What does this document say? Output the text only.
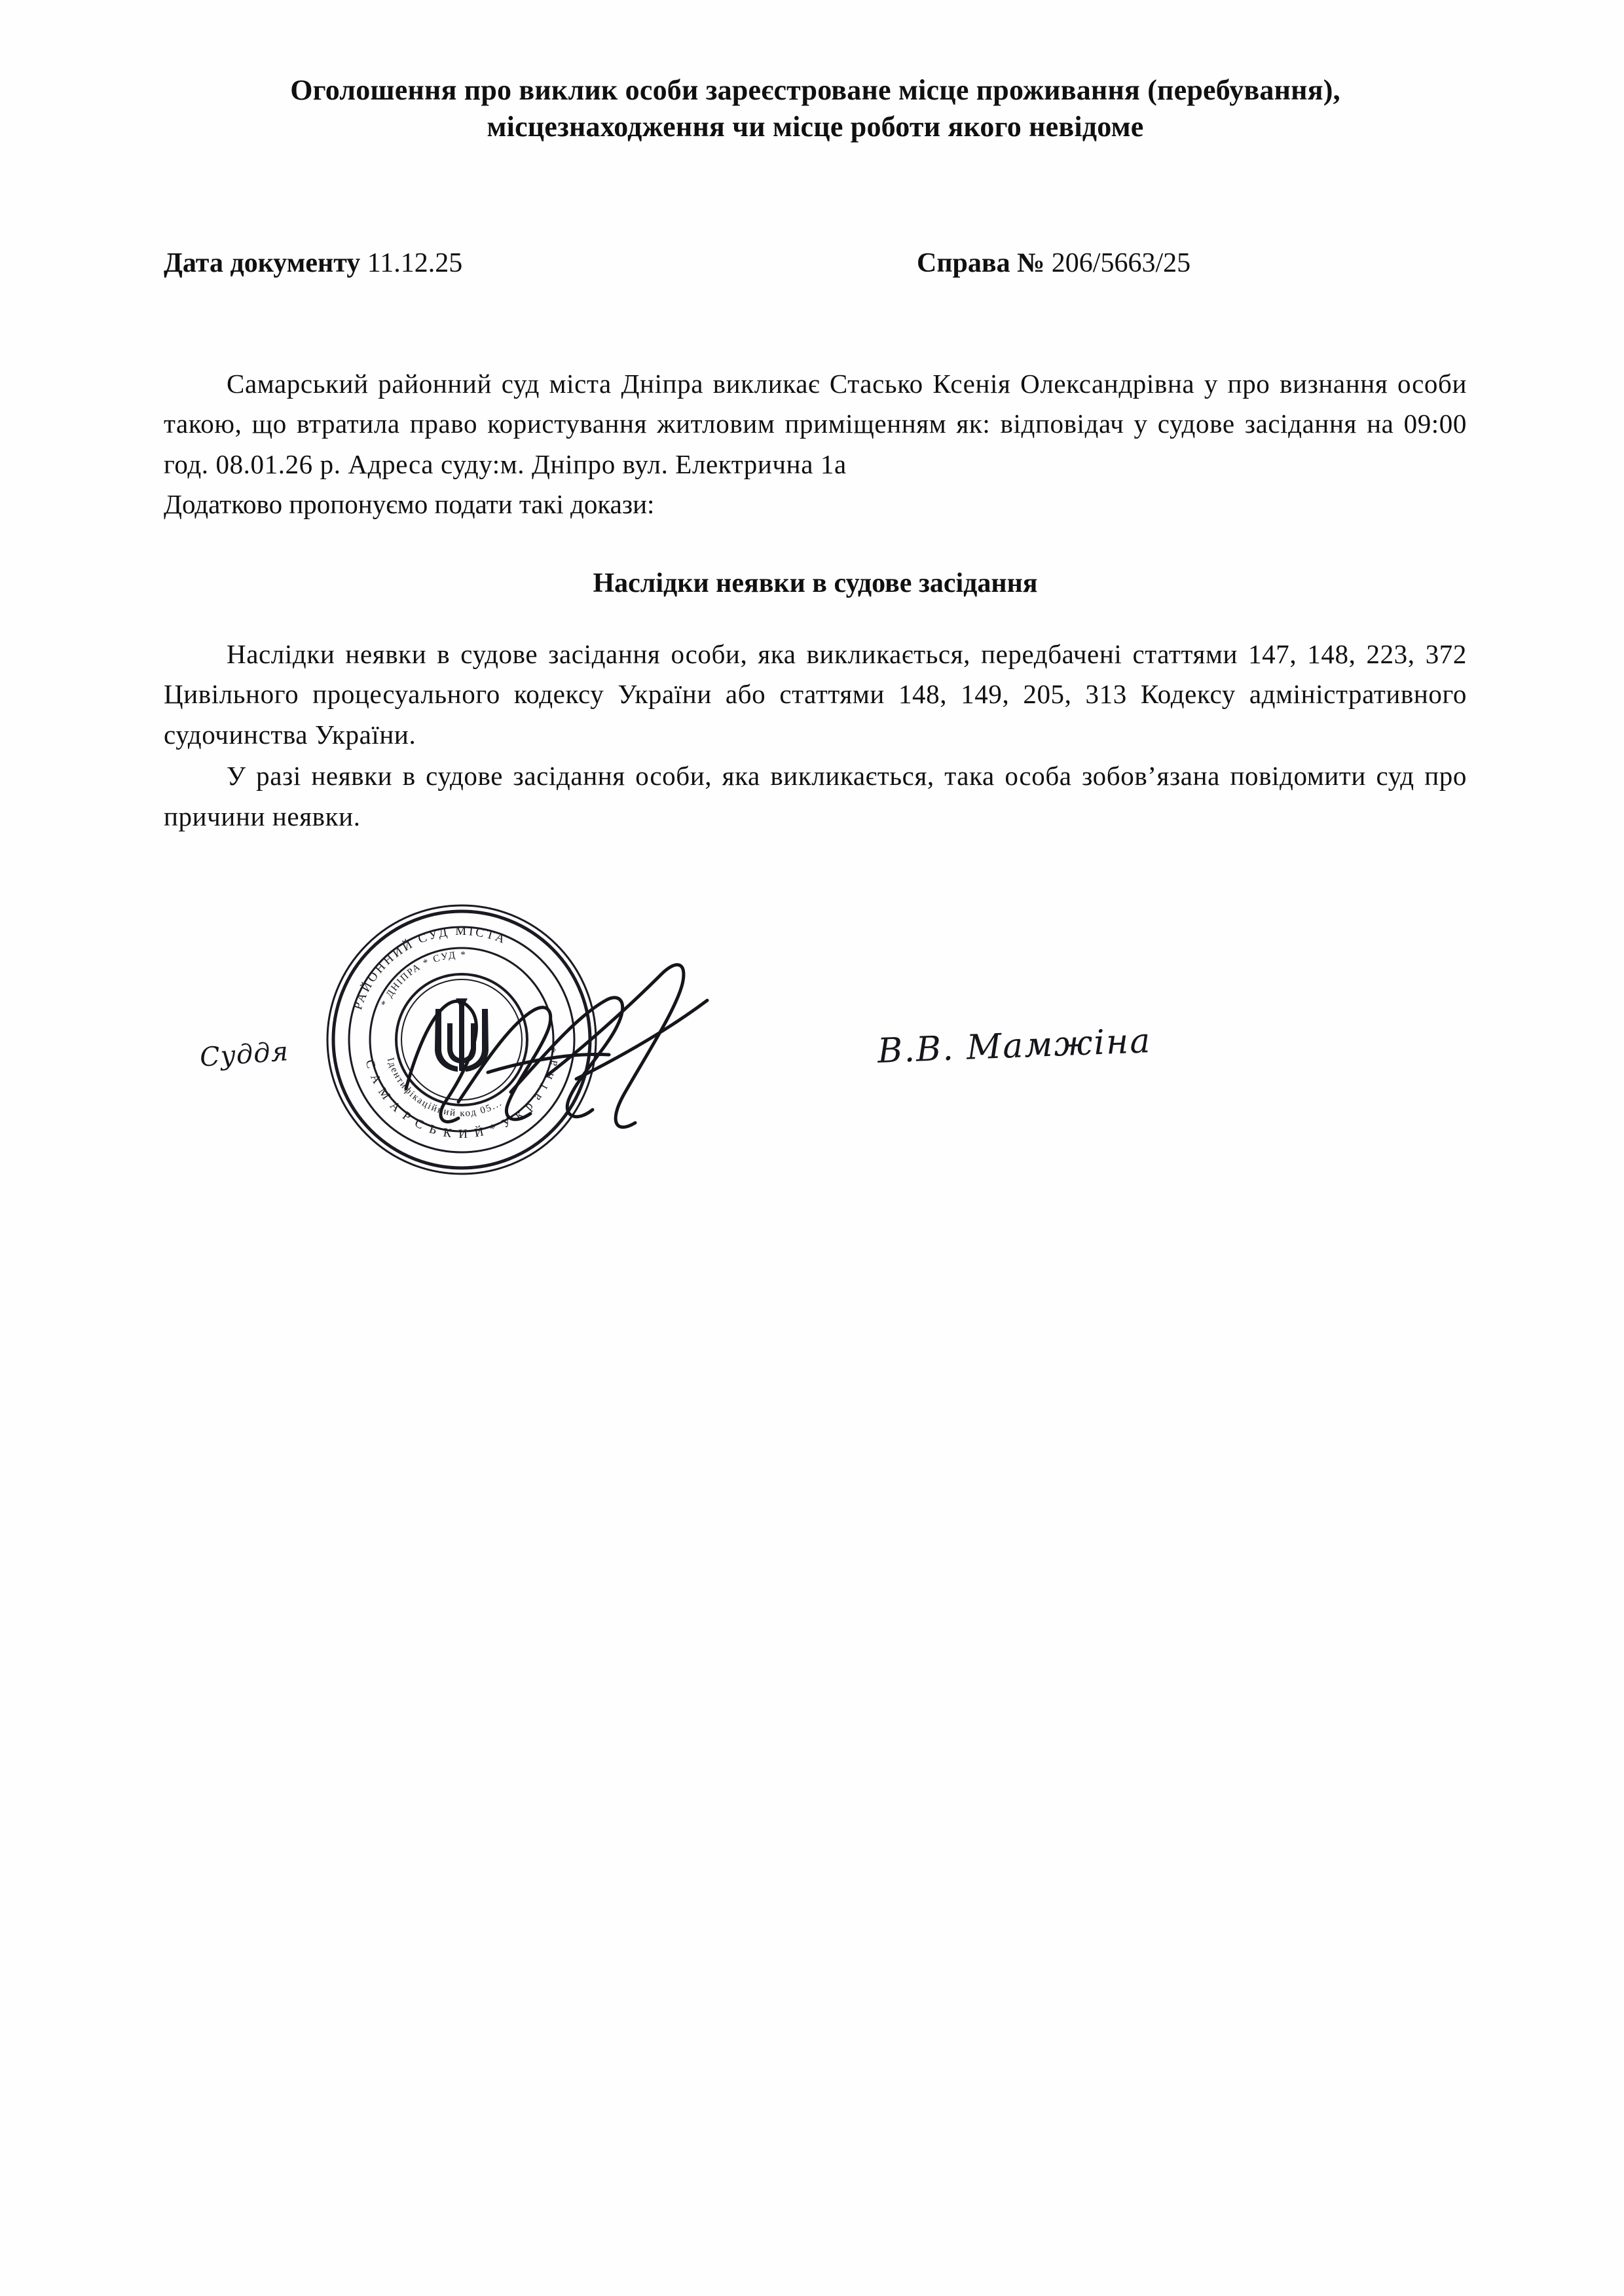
Оголошення про виклик особи зареєстроване місце проживання (перебування),
місцезнаходження чи місце роботи якого невідоме
Дата документу 11.12.25	Справа № 206/5663/25

Самарський районний суд міста Дніпра викликає Стасько Ксенія Олександрівна у про визнання особи такою, що втратила право користування житловим приміщенням як: відповідач у судове засідання на 09:00 год. 08.01.26 р. Адреса суду:м. Дніпро вул. Електрична 1а

Додатково пропонуємо подати такі докази:

Наслідки неявки в судове засідання

Наслідки неявки в судове засідання особи, яка викликається, передбачені статтями 147, 148, 223, 372 Цивільного процесуального кодексу України або статтями 148, 149, 205, 313 Кодексу адміністративного судочинства України.

У разі неявки в судове засідання особи, яка викликається, така особа зобов’язана повідомити суд про причини неявки.

Суддя
РАЙОННИЙ СУД МІСТА
С А М А Р С Ь К И Й * У к р а ї н а *
* ДНІПРА * СУД *
Ідентифікаційний код 05...
В.В. Мамжіна
